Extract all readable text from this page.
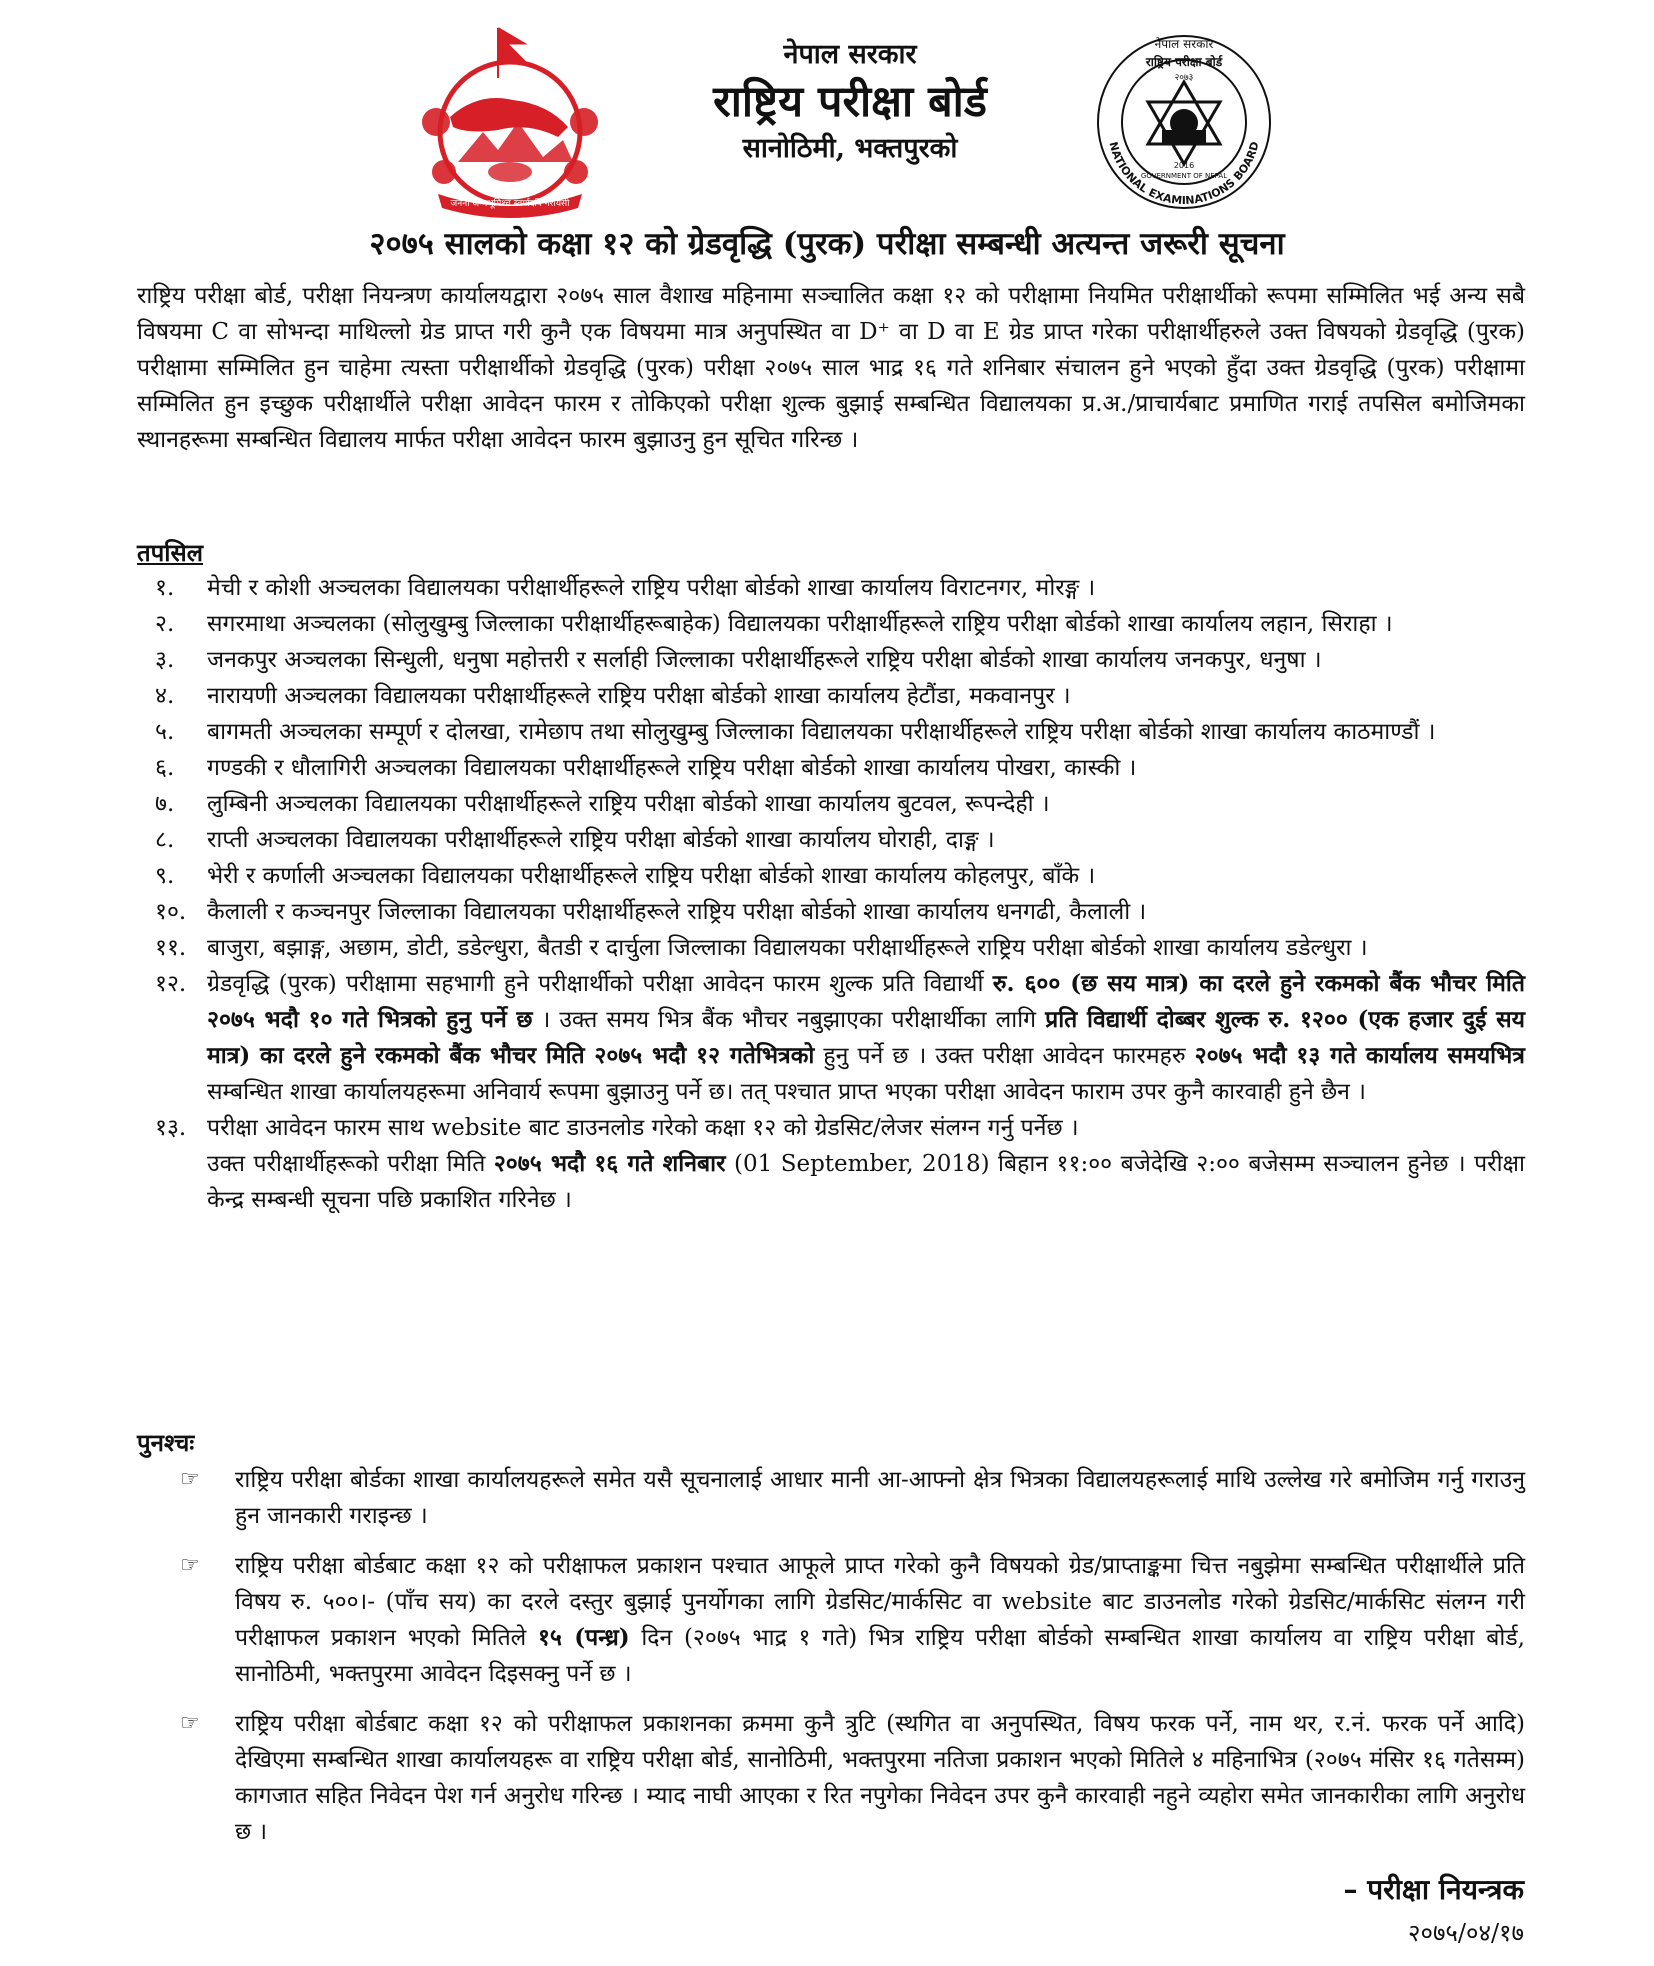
जननी जन्मभूमिश्च स्वर्गादपि गरीयसी
नेपाल सरकार
राष्ट्रिय परीक्षा बोर्ड
सानोठिमी, भक्तपुरको	NATIONAL EXAMINATIONS BOARD
नेपाल सरकार
राष्ट्रिय परीक्षा बोर्ड
२०७३
2016
GOVERNMENT OF NEPAL
२०७५ सालको कक्षा १२ को ग्रेडवृद्धि (पुरक) परीक्षा सम्बन्धी अत्यन्त जरूरी सूचना

राष्ट्रिय परीक्षा बोर्ड, परीक्षा नियन्त्रण कार्यालयद्वारा २०७५ साल वैशाख महिनामा सञ्चालित कक्षा १२ को परीक्षामा नियमित परीक्षार्थीको रूपमा सम्मिलित भई अन्य सबै विषयमा C वा सोभन्दा माथिल्लो ग्रेड प्राप्त गरी कुनै एक विषयमा मात्र अनुपस्थित वा D⁺ वा D वा E ग्रेड प्राप्त गरेका परीक्षार्थीहरुले उक्त विषयको ग्रेडवृद्धि (पुरक) परीक्षामा सम्मिलित हुन चाहेमा त्यस्ता परीक्षार्थीको ग्रेडवृद्धि (पुरक) परीक्षा २०७५ साल भाद्र १६ गते शनिबार संचालन हुने भएको हुँदा उक्त ग्रेडवृद्धि (पुरक) परीक्षामा सम्मिलित हुन इच्छुक परीक्षार्थीले परीक्षा आवेदन फारम र तोकिएको परीक्षा शुल्क बुझाई सम्बन्धित विद्यालयका प्र.अ./प्राचार्यबाट प्रमाणित गराई तपसिल बमोजिमका स्थानहरूमा सम्बन्धित विद्यालय मार्फत परीक्षा आवेदन फारम बुझाउनु हुन सूचित गरिन्छ ।

तपसिल
१.	मेची र कोशी अञ्चलका विद्यालयका परीक्षार्थीहरूले राष्ट्रिय परीक्षा बोर्डको शाखा कार्यालय विराटनगर, मोरङ्ग ।
२.	सगरमाथा अञ्चलका (सोलुखुम्बु जिल्लाका परीक्षार्थीहरूबाहेक) विद्यालयका परीक्षार्थीहरूले राष्ट्रिय परीक्षा बोर्डको शाखा कार्यालय लहान, सिराहा ।
३.	जनकपुर अञ्चलका सिन्धुली, धनुषा महोत्तरी र सर्लाही जिल्लाका परीक्षार्थीहरूले राष्ट्रिय परीक्षा बोर्डको शाखा कार्यालय जनकपुर, धनुषा ।
४.	नारायणी अञ्चलका विद्यालयका परीक्षार्थीहरूले राष्ट्रिय परीक्षा बोर्डको शाखा कार्यालय हेटौंडा, मकवानपुर ।
५.	बागमती अञ्चलका सम्पूर्ण र दोलखा, रामेछाप तथा सोलुखुम्बु जिल्लाका विद्यालयका परीक्षार्थीहरूले राष्ट्रिय परीक्षा बोर्डको शाखा कार्यालय काठमाण्डौं ।
६.	गण्डकी र धौलागिरी अञ्चलका विद्यालयका परीक्षार्थीहरूले राष्ट्रिय परीक्षा बोर्डको शाखा कार्यालय पोखरा, कास्की ।
७.	लुम्बिनी अञ्चलका विद्यालयका परीक्षार्थीहरूले राष्ट्रिय परीक्षा बोर्डको शाखा कार्यालय बुटवल, रूपन्देही ।
८.	राप्ती अञ्चलका विद्यालयका परीक्षार्थीहरूले राष्ट्रिय परीक्षा बोर्डको शाखा कार्यालय घोराही, दाङ्ग ।
९.	भेरी र कर्णाली अञ्चलका विद्यालयका परीक्षार्थीहरूले राष्ट्रिय परीक्षा बोर्डको शाखा कार्यालय कोहलपुर, बाँके ।
१०. कैलाली र कञ्चनपुर जिल्लाका विद्यालयका परीक्षार्थीहरूले राष्ट्रिय परीक्षा बोर्डको शाखा कार्यालय धनगढी, कैलाली ।
११. बाजुरा, बझाङ्ग, अछाम, डोटी, डडेल्धुरा, बैतडी र दार्चुला जिल्लाका विद्यालयका परीक्षार्थीहरूले राष्ट्रिय परीक्षा बोर्डको शाखा कार्यालय डडेल्धुरा ।
१२. ग्रेडवृद्धि (पुरक) परीक्षामा सहभागी हुने परीक्षार्थीको परीक्षा आवेदन फारम शुल्क प्रति विद्यार्थी रु. ६०० (छ सय मात्र) का दरले हुने रकमको बैंक भौचर मिति २०७५ भदौ १० गते भित्रको हुनु पर्ने छ । उक्त समय भित्र बैंक भौचर नबुझाएका परीक्षार्थीका लागि प्रति विद्यार्थी दोब्बर शुल्क रु. १२०० (एक हजार दुई सय मात्र) का दरले हुने रकमको बैंक भौचर मिति २०७५ भदौ १२ गतेभित्रको हुनु पर्ने छ । उक्त परीक्षा आवेदन फारमहरु २०७५ भदौ १३ गते कार्यालय समयभित्र सम्बन्धित शाखा कार्यालयहरूमा अनिवार्य रूपमा बुझाउनु पर्ने छ। तत् पश्चात प्राप्त भएका परीक्षा आवेदन फाराम उपर कुनै कारवाही हुने छैन ।
१३. परीक्षा आवेदन फारम साथ website बाट डाउनलोड गरेको कक्षा १२ को ग्रेडसिट/लेजर संलग्न गर्नु पर्नेछ ।
उक्त परीक्षार्थीहरूको परीक्षा मिति २०७५ भदौ १६ गते शनिबार (01 September, 2018) बिहान ११:०० बजेदेखि २:०० बजेसम्म सञ्चालन हुनेछ । परीक्षा केन्द्र सम्बन्धी सूचना पछि प्रकाशित गरिनेछ ।
पुनश्चः
☞	राष्ट्रिय परीक्षा बोर्डका शाखा कार्यालयहरूले समेत यसै सूचनालाई आधार मानी आ-आफ्नो क्षेत्र भित्रका विद्यालयहरूलाई माथि उल्लेख गरे बमोजिम गर्नु गराउनु हुन जानकारी गराइन्छ ।
☞	राष्ट्रिय परीक्षा बोर्डबाट कक्षा १२ को परीक्षाफल प्रकाशन पश्चात आफूले प्राप्त गरेको कुनै विषयको ग्रेड/प्राप्ताङ्कमा चित्त नबुझेमा सम्बन्धित परीक्षार्थीले प्रति विषय रु. ५००।- (पाँच सय) का दरले दस्तुर बुझाई पुनर्योगका लागि ग्रेडसिट/मार्कसिट वा website बाट डाउनलोड गरेको ग्रेडसिट/मार्कसिट संलग्न गरी परीक्षाफल प्रकाशन भएको मितिले १५ (पन्ध्र) दिन (२०७५ भाद्र १ गते) भित्र राष्ट्रिय परीक्षा बोर्डको सम्बन्धित शाखा कार्यालय वा राष्ट्रिय परीक्षा बोर्ड, सानोठिमी, भक्तपुरमा आवेदन दिइसक्नु पर्ने छ ।
☞	राष्ट्रिय परीक्षा बोर्डबाट कक्षा १२ को परीक्षाफल प्रकाशनका क्रममा कुनै त्रुटि (स्थगित वा अनुपस्थित, विषय फरक पर्ने, नाम थर, र.नं. फरक पर्ने आदि) देखिएमा सम्बन्धित शाखा कार्यालयहरू वा राष्ट्रिय परीक्षा बोर्ड, सानोठिमी, भक्तपुरमा नतिजा प्रकाशन भएको मितिले ४ महिनाभित्र (२०७५ मंसिर १६ गतेसम्म) कागजात सहित निवेदन पेश गर्न अनुरोध गरिन्छ । म्याद नाघी आएका र रित नपुगेका निवेदन उपर कुनै कारवाही नहुने व्यहोरा समेत जानकारीका लागि अनुरोध छ ।
– परीक्षा नियन्त्रक
२०७५/०४/१७
